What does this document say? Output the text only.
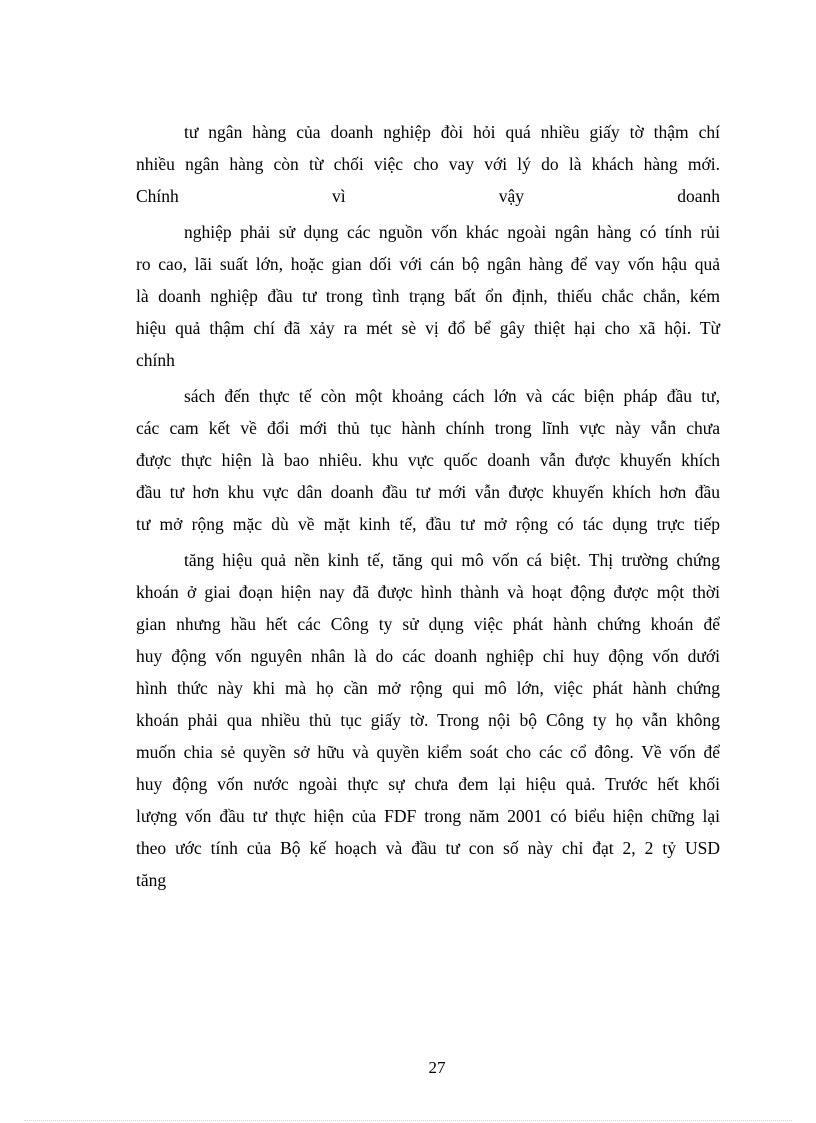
tư ngân hàng của doanh nghiệp đòi hỏi quá nhiều giấy tờ thậm chí
nhiều ngân hàng còn từ chối việc cho vay với lý do là khách hàng mới.
Chính vì vậy doanh

nghiệp phải sử dụng các nguồn vốn khác ngoài ngân hàng có tính rủi
ro cao, lãi suất lớn, hoặc gian dối với cán bộ ngân hàng để vay vốn hậu quả
là doanh nghiệp đầu tư trong tình trạng bất ổn định, thiếu chắc chắn, kém
hiệu quả thậm chí đã xảy ra mét sè vị đổ bể gây thiệt hại cho xã hội. Từ
chính

sách đến thực tế còn một khoảng cách lớn và các biện pháp đầu tư,
các cam kết về đổi mới thủ tục hành chính trong lĩnh vực này vẫn chưa
được thực hiện là bao nhiêu. khu vực quốc doanh vẫn được khuyến khích
đầu tư hơn khu vực dân doanh đầu tư mới vẫn được khuyến khích hơn đầu
tư mở rộng mặc dù về mặt kinh tế, đầu tư mở rộng có tác dụng trực tiếp

tăng hiệu quả nền kinh tế, tăng qui mô vốn cá biệt. Thị trường chứng
khoán ở giai đoạn hiện nay đã được hình thành và hoạt động được một thời
gian nhưng hầu hết các Công ty sử dụng việc phát hành chứng khoán để
huy động vốn nguyên nhân là do các doanh nghiệp chỉ huy động vốn dưới
hình thức này khi mà họ cần mở rộng qui mô lớn, việc phát hành chứng
khoán phải qua nhiều thủ tục giấy tờ. Trong nội bộ Công ty họ vẫn không
muốn chia sẻ quyền sở hữu và quyền kiểm soát cho các cổ đông. Về vốn để
huy động vốn nước ngoài thực sự chưa đem lại hiệu quả. Trước hết khối
lượng vốn đầu tư thực hiện của FDF trong năm 2001 có biểu hiện chững lại
theo ước tính của Bộ kế hoạch và đầu tư con số này chỉ đạt 2, 2 tỷ USD
tăng

27
